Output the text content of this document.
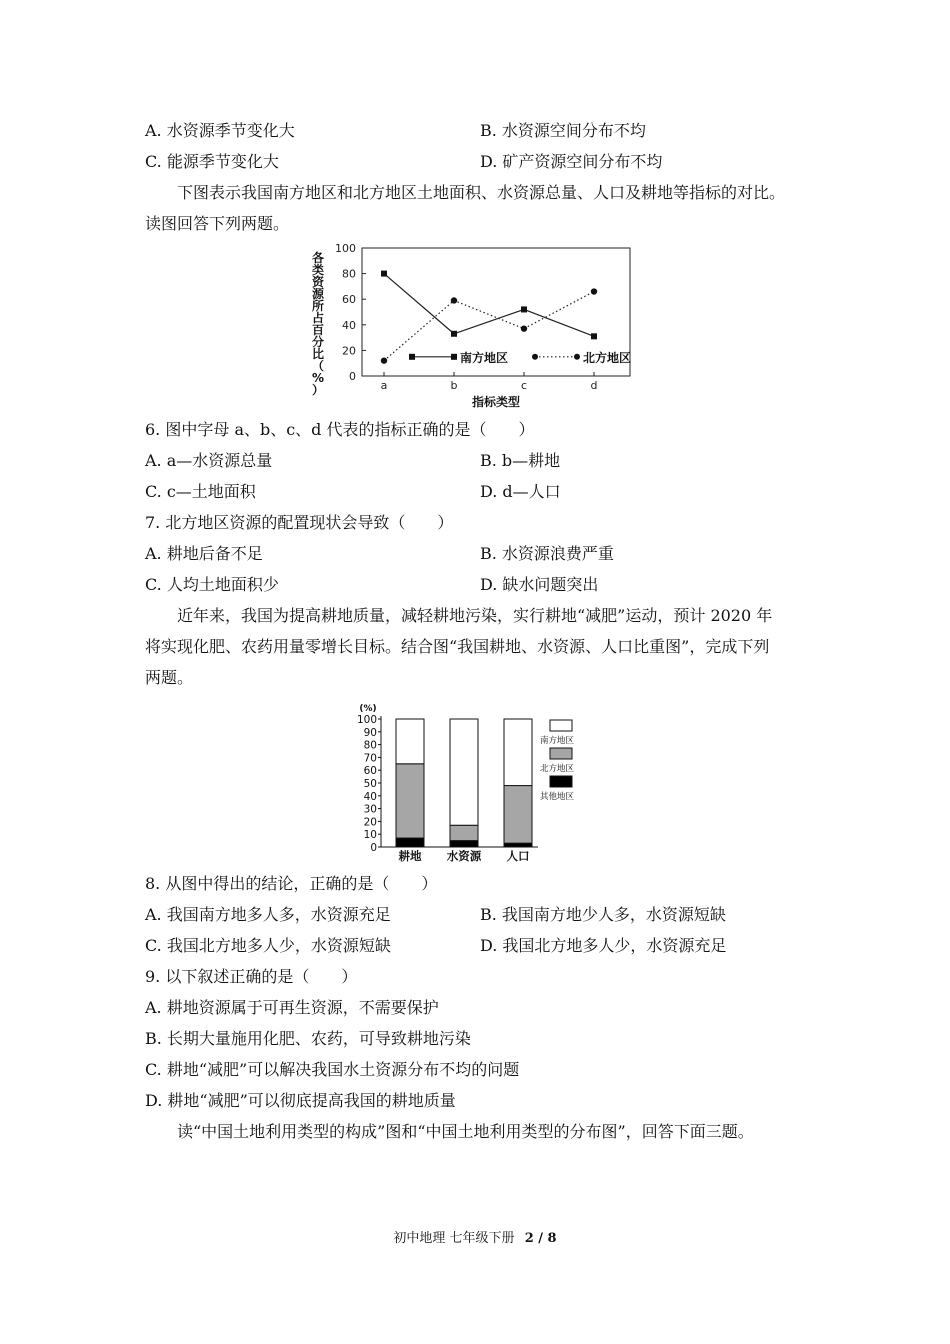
A. 水资源季节变化大	B. 水资源空间分布不均
C. 能源季节变化大	D. 矿产资源空间分布不均
下图表示我国南方地区和北方地区土地面积、水资源总量、人口及耕地等指标的对比。
读图回答下列两题。
0
20
40
60
80
100
a	b	c	d
南方地区	北方地区
各
类
资
源
所
占
百
分
比
（
%
）
指标类型
6. 图中字母 a、b、c、d 代表的指标正确的是（　　）
A. a—水资源总量	B. b—耕地
C. c—土地面积	D. d—人口
7. 北方地区资源的配置现状会导致（　　）
A. 耕地后备不足	B. 水资源浪费严重
C. 人均土地面积少	D. 缺水问题突出
近年来，我国为提高耕地质量，减轻耕地污染，实行耕地“减肥”运动，预计 2020 年
将实现化肥、农药用量零增长目标。结合图“我国耕地、水资源、人口比重图”，完成下列
两题。
(%)
0
10
20
30
40
50
60
70
80
90
100
耕地 水资源 人口
南方地区
北方地区
其他地区
8. 从图中得出的结论，正确的是（　　）
A. 我国南方地多人多，水资源充足	B. 我国南方地少人多，水资源短缺
C. 我国北方地多人少，水资源短缺	D. 我国北方地多人少，水资源充足
9. 以下叙述正确的是（　　）
A. 耕地资源属于可再生资源，不需要保护
B. 长期大量施用化肥、农药，可导致耕地污染
C. 耕地“减肥”可以解决我国水土资源分布不均的问题
D. 耕地“减肥”可以彻底提高我国的耕地质量
读“中国土地利用类型的构成”图和“中国土地利用类型的分布图”，回答下面三题。
初中地理 七年级下册 2 / 8
